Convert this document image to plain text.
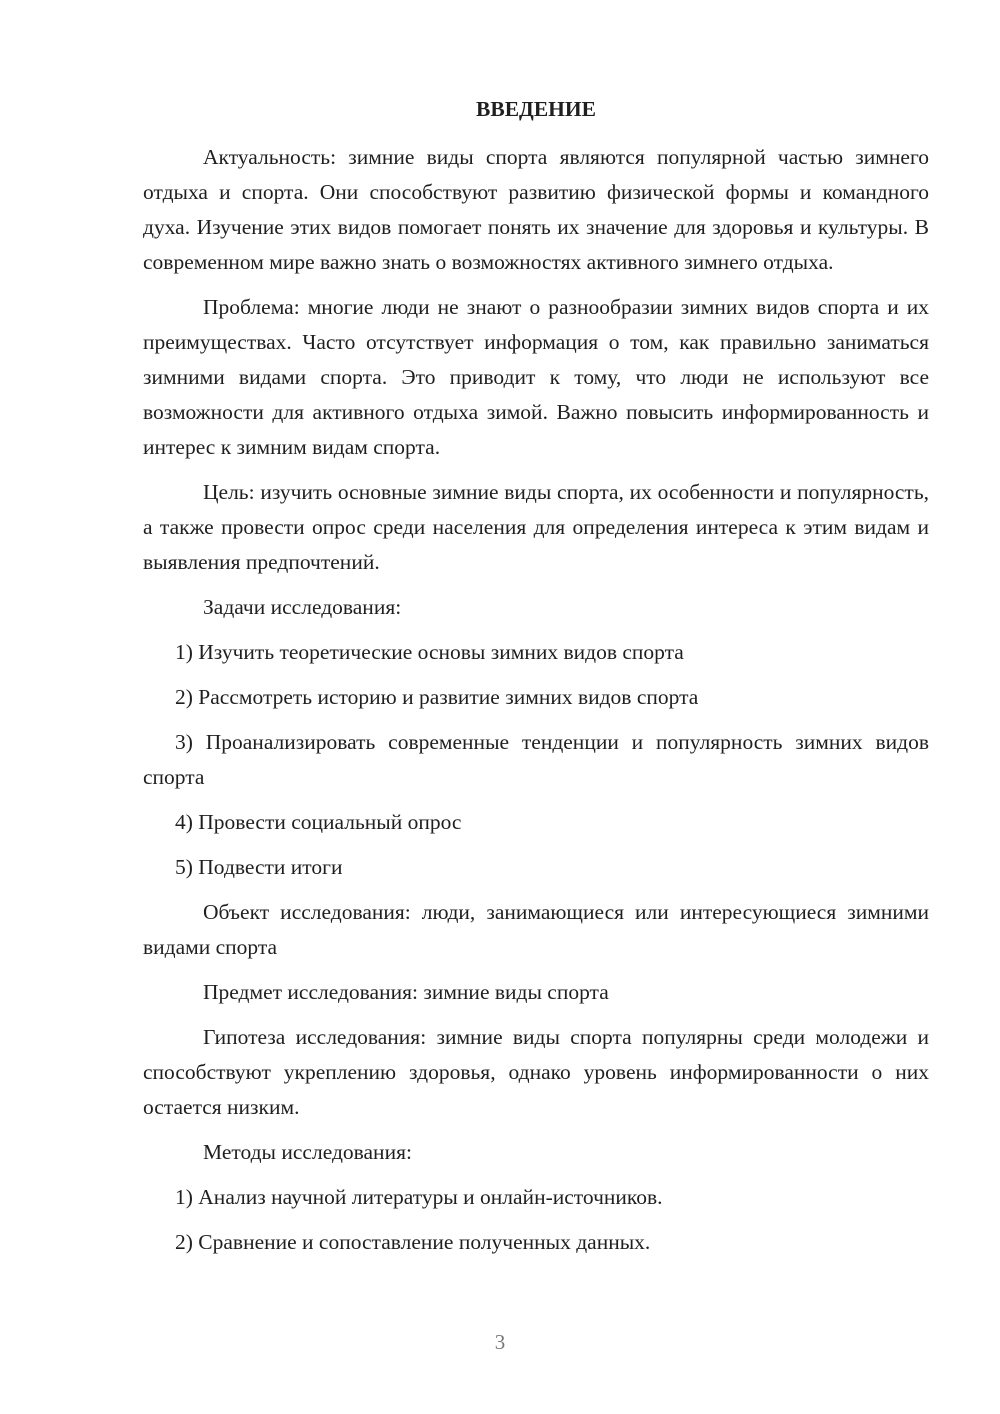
ВВЕДЕНИЕ

Актуальность: зимние виды спорта являются популярной частью зимнего отдыха и спорта. Они способствуют развитию физической формы и командного духа. Изучение этих видов помогает понять их значение для здоровья и культуры. В современном мире важно знать о возможностях активного зимнего отдыха.

Проблема: многие люди не знают о разнообразии зимних видов спорта и их преимуществах. Часто отсутствует информация о том, как правильно заниматься зимними видами спорта. Это приводит к тому, что люди не используют все возможности для активного отдыха зимой. Важно повысить информированность и интерес к зимним видам спорта.

Цель: изучить основные зимние виды спорта, их особенности и популярность, а также провести опрос среди населения для определения интереса к этим видам и выявления предпочтений.

Задачи исследования:

1) Изучить теоретические основы зимних видов спорта

2) Рассмотреть историю и развитие зимних видов спорта

3) Проанализировать современные тенденции и популярность зимних видов спорта

4) Провести социальный опрос

5) Подвести итоги

Объект исследования: люди, занимающиеся или интересующиеся зимними видами спорта

Предмет исследования: зимние виды спорта

Гипотеза исследования: зимние виды спорта популярны среди молодежи и способствуют укреплению здоровья, однако уровень информированности о них остается низким.

Методы исследования:

1) Анализ научной литературы и онлайн-источников.

2) Сравнение и сопоставление полученных данных.

3
